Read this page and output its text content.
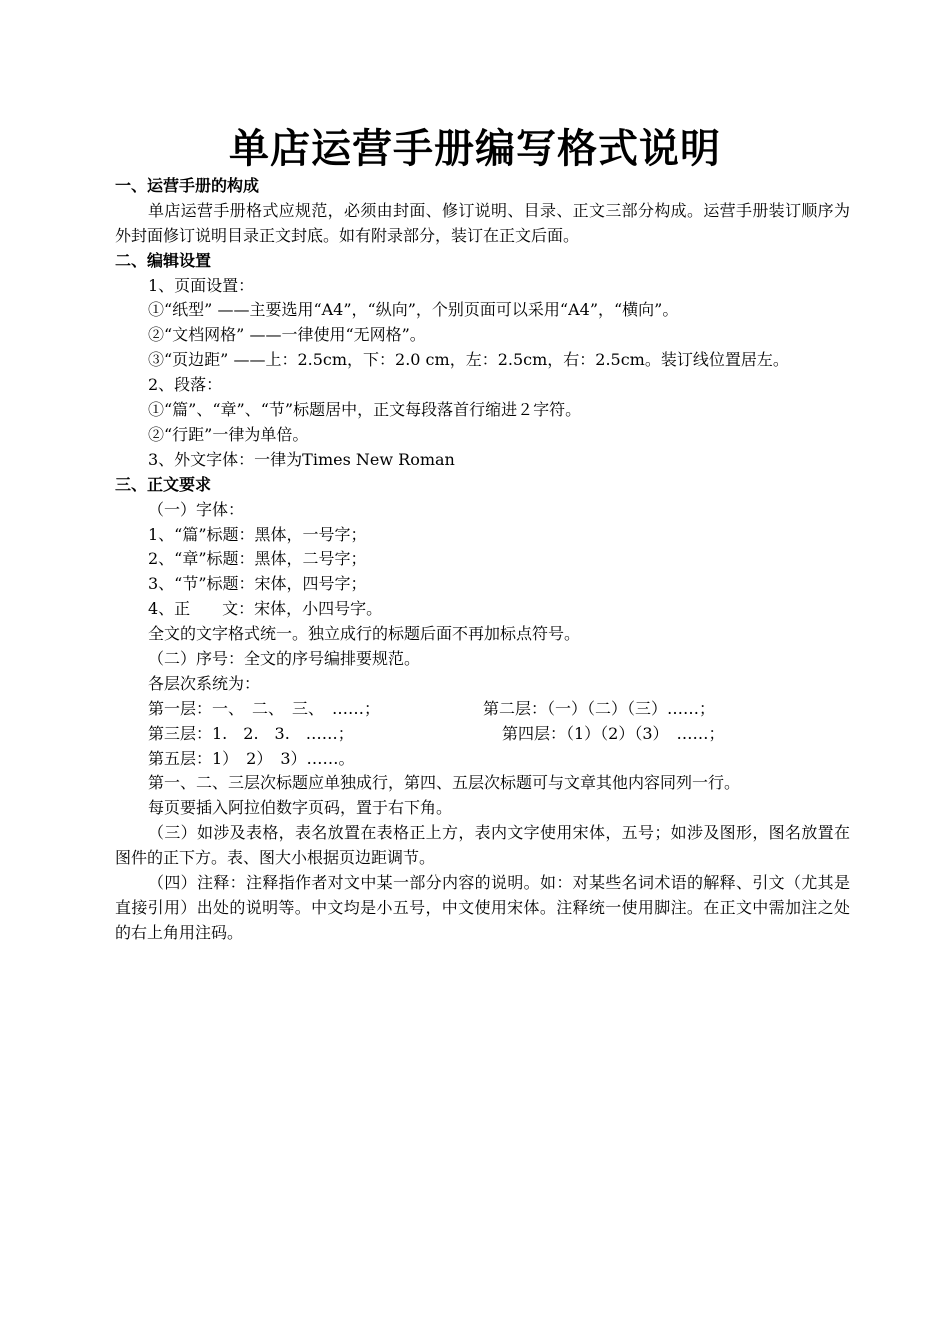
单店运营手册编写格式说明
一、运营手册的构成
单店运营手册格式应规范，必须由封面、修订说明、目录、正文三部分构成。运营手册装订顺序为外封面修订说明目录正文封底。如有附录部分，装订在正文后面。
二、编辑设置
1、页面设置：
①“纸型” ——主要选用“A4”，“纵向”，个别页面可以采用“A4”，“横向”。
②“文档网格” ——一律使用“无网格”。
③“页边距” ——上：2.5cm，下：2.0 cm，左：2.5cm，右：2.5cm。装订线位置居左。
2、段落：
①“篇”、“章”、“节”标题居中，正文每段落首行缩进２字符。
②“行距”一律为单倍。
3、外文字体：一律为Times New Roman
三、正文要求
（一）字体：
1、“篇”标题：黑体，一号字；
2、“章”标题：黑体，二号字；
3、“节”标题：宋体，四号字；
4、正　　文：宋体，小四号字。
全文的文字格式统一。独立成行的标题后面不再加标点符号。
（二）序号：全文的序号编排要规范。
各层次系统为：
第一层：一、　二、　三、　……；	第二层：（一）（二）（三）……；
第三层：1.　2.　3.　……；	第四层：（1）（2）（3）　……；
第五层：1）　2）　3）……。
第一、二、三层次标题应单独成行，第四、五层次标题可与文章其他内容同列一行。
每页要插入阿拉伯数字页码，置于右下角。
（三）如涉及表格，表名放置在表格正上方，表内文字使用宋体，五号；如涉及图形，图名放置在图件的正下方。表、图大小根据页边距调节。
（四）注释：注释指作者对文中某一部分内容的说明。如：对某些名词术语的解释、引文（尤其是直接引用）出处的说明等。中文均是小五号，中文使用宋体。注释统一使用脚注。在正文中需加注之处的右上角用注码。
